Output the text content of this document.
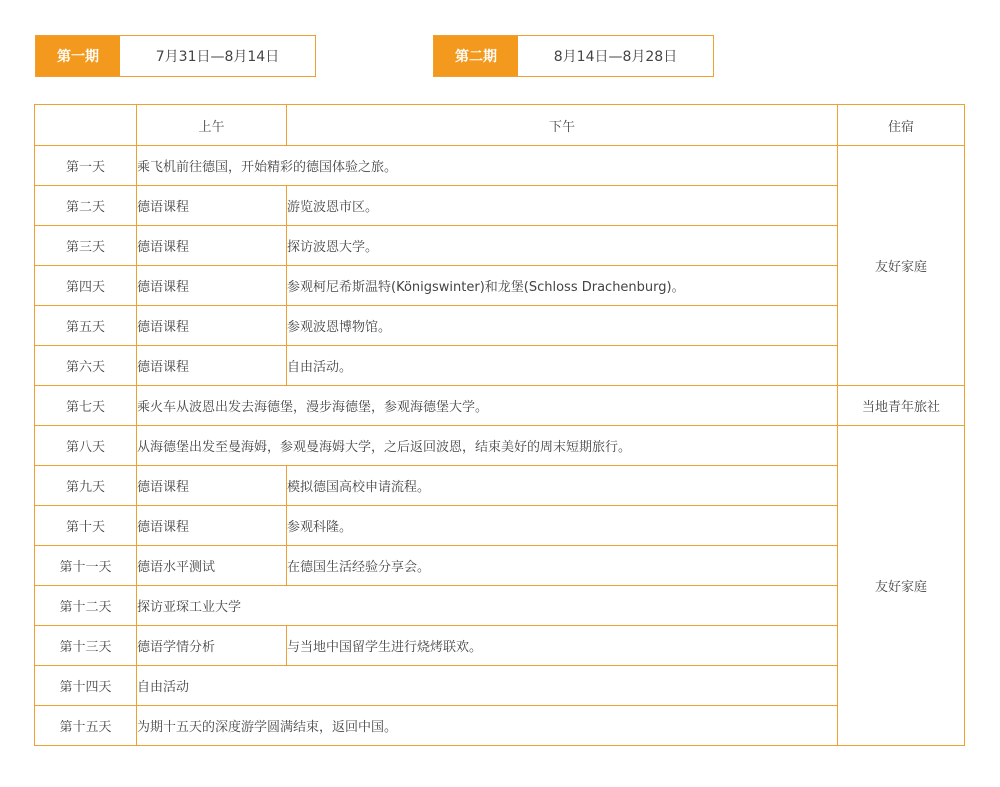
第一期	7月31日—8月14日	第二期	8月14日—8月28日
	上午	下午	住宿
第一天	乘飞机前往德国，开始精彩的德国体验之旅。		友好家庭
第二天	德语课程	游览波恩市区。	
第三天	德语课程	探访波恩大学。	
第四天	德语课程	参观柯尼希斯温特(Königswinter)和龙堡(Schloss Drachenburg)。	
第五天	德语课程	参观波恩博物馆。	
第六天	德语课程	自由活动。	
第七天	乘火车从波恩出发去海德堡，漫步海德堡，参观海德堡大学。		当地青年旅社
第八天	从海德堡出发至曼海姆，参观曼海姆大学，之后返回波恩，结束美好的周末短期旅行。		友好家庭
第九天	德语课程	模拟德国高校申请流程。	
第十天	德语课程	参观科隆。	
第十一天	德语水平测试	在德国生活经验分享会。	
第十二天	探访亚琛工业大学		
第十三天	德语学情分析	与当地中国留学生进行烧烤联欢。	
第十四天	自由活动		
第十五天	为期十五天的深度游学圆满结束，返回中国。		
